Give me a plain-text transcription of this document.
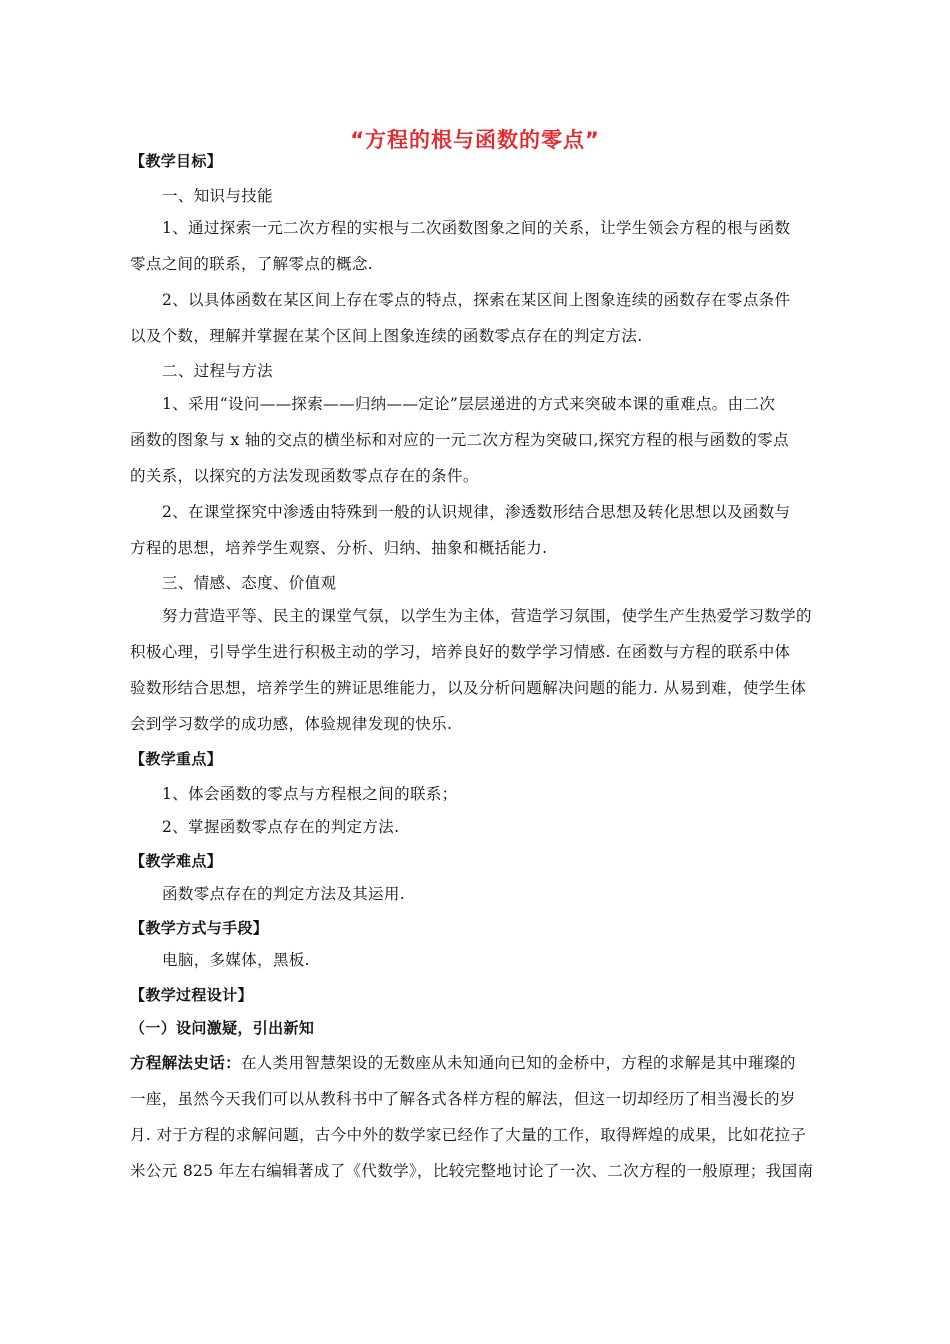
“方程的根与函数的零点”
【教学目标】
一、知识与技能
1、通过探索一元二次方程的实根与二次函数图象之间的关系，让学生领会方程的根与函数
零点之间的联系，了解零点的概念.
2、以具体函数在某区间上存在零点的特点，探索在某区间上图象连续的函数存在零点条件
以及个数，理解并掌握在某个区间上图象连续的函数零点存在的判定方法.
二、过程与方法
1、采用“设问——探索——归纳——定论”层层递进的方式来突破本课的重难点。由二次
函数的图象与 x 轴的交点的横坐标和对应的一元二次方程为突破口,探究方程的根与函数的零点
的关系，以探究的方法发现函数零点存在的条件。
2、在课堂探究中渗透由特殊到一般的认识规律，渗透数形结合思想及转化思想以及函数与
方程的思想，培养学生观察、分析、归纳、抽象和概括能力.
三、情感、态度、价值观
努力营造平等、民主的课堂气氛，以学生为主体，营造学习氛围，使学生产生热爱学习数学的
积极心理，引导学生进行积极主动的学习，培养良好的数学学习情感. 在函数与方程的联系中体
验数形结合思想，培养学生的辨证思维能力，以及分析问题解决问题的能力. 从易到难，使学生体
会到学习数学的成功感，体验规律发现的快乐.
【教学重点】
1、体会函数的零点与方程根之间的联系；
2、掌握函数零点存在的判定方法.
【教学难点】
函数零点存在的判定方法及其运用.
【教学方式与手段】
电脑，多媒体，黑板.
【教学过程设计】
（一）设问激疑，引出新知
方程解法史话：在人类用智慧架设的无数座从未知通向已知的金桥中，方程的求解是其中璀璨的
一座，虽然今天我们可以从教科书中了解各式各样方程的解法，但这一切却经历了相当漫长的岁
月. 对于方程的求解问题，古今中外的数学家已经作了大量的工作，取得辉煌的成果，比如花拉子
米公元 825 年左右编辑著成了《代数学》，比较完整地讨论了一次、二次方程的一般原理；我国南
